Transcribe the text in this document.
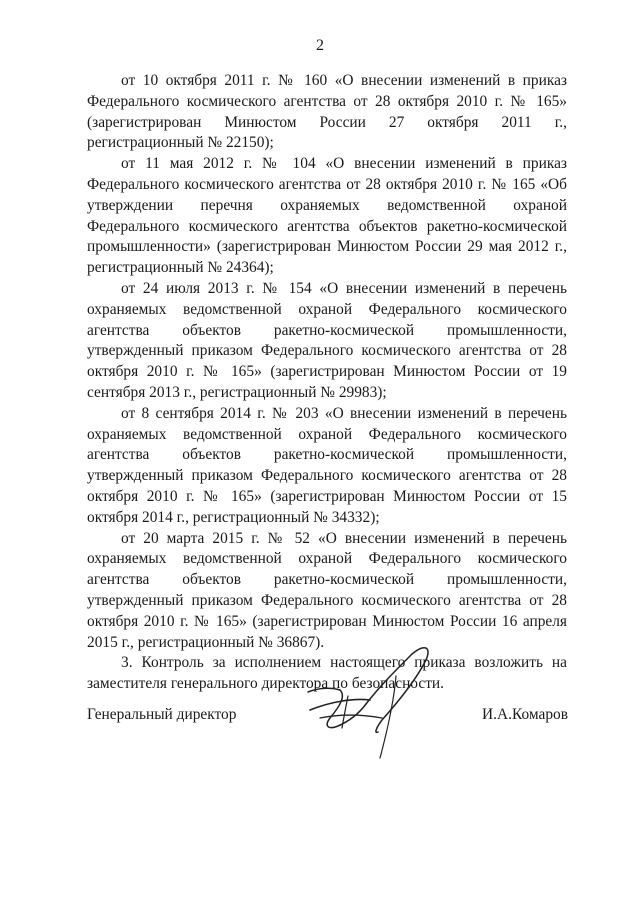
2

от 10 октября 2011 г. № 160 «О внесении изменений в приказ Федерального космического агентства от 28 октября 2010 г. № 165» (зарегистрирован Минюстом России 27 октября 2011 г., регистрационный № 22150);

от 11 мая 2012 г. № 104 «О внесении изменений в приказ Федерального космического агентства от 28 октября 2010 г. № 165 «Об утверждении перечня охраняемых ведомственной охраной Федерального космического агентства объектов ракетно-космической промышленности» (зарегистрирован Минюстом России 29 мая 2012 г., регистрационный № 24364);

от 24 июля 2013 г. № 154 «О внесении изменений в перечень охраняемых ведомственной охраной Федерального космического агентства объектов ракетно-космической промышленности, утвержденный приказом Федерального космического агентства от 28 октября 2010 г. № 165» (зарегистрирован Минюстом России от 19 сентября 2013 г., регистрационный № 29983);

от 8 сентября 2014 г. № 203 «О внесении изменений в перечень охраняемых ведомственной охраной Федерального космического агентства объектов ракетно-космической промышленности, утвержденный приказом Федерального космического агентства от 28 октября 2010 г. № 165» (зарегистрирован Минюстом России от 15 октября 2014 г., регистрационный № 34332);

от 20 марта 2015 г. № 52 «О внесении изменений в перечень охраняемых ведомственной охраной Федерального космического агентства объектов ракетно-космической промышленности, утвержденный приказом Федерального космического агентства от 28 октября 2010 г. № 165» (зарегистрирован Минюстом России 16 апреля 2015 г., регистрационный № 36867).

3. Контроль за исполнением настоящего приказа возложить на заместителя генерального директора по безопасности.

Генеральный директор	И.А.Комаров
